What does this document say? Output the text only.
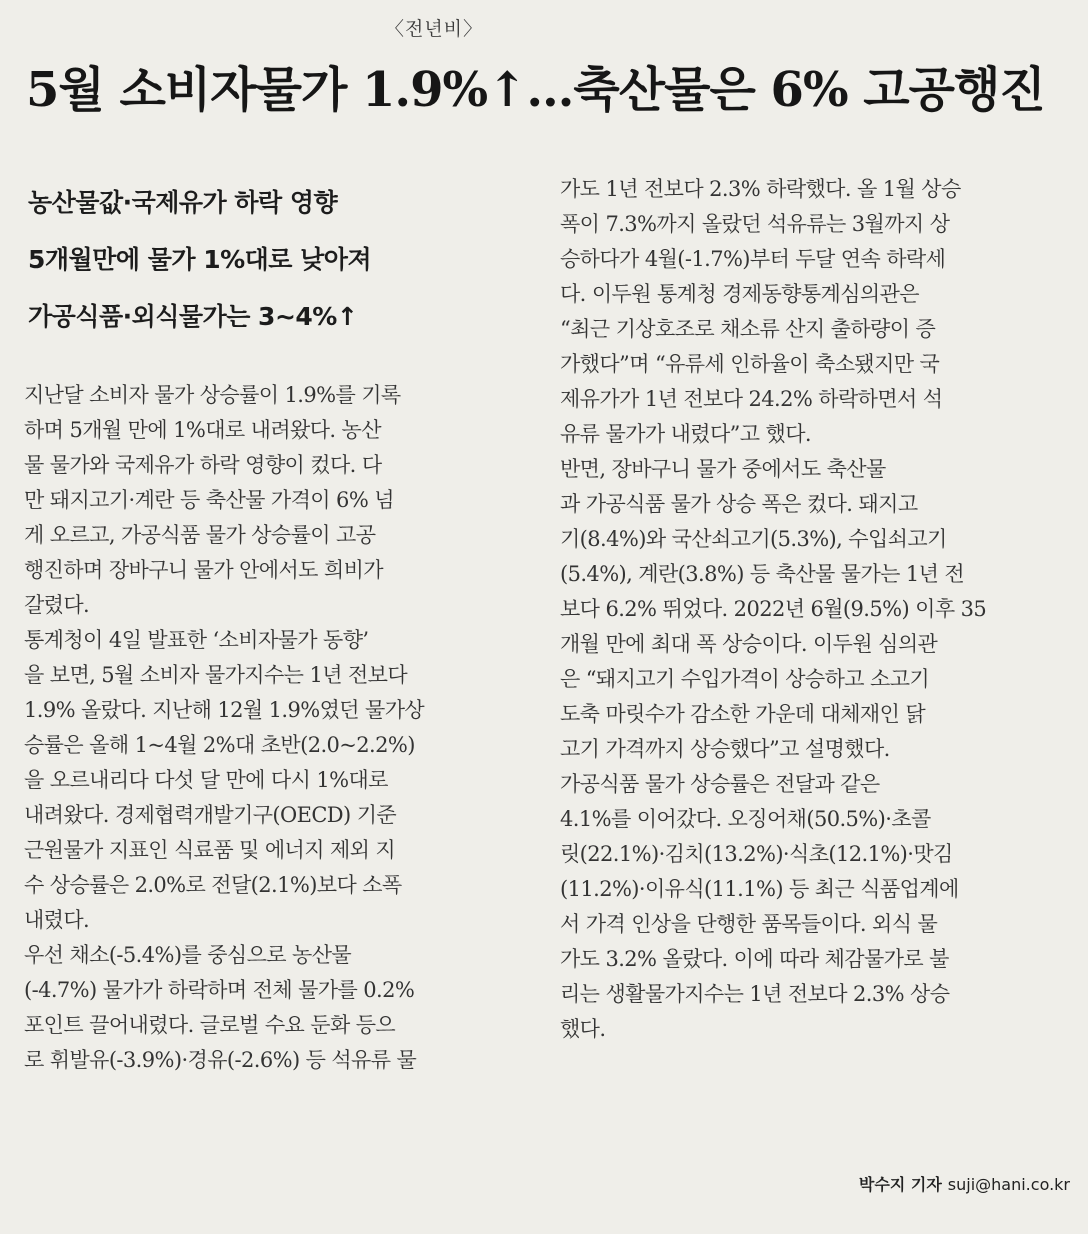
〈전년비〉
5월 소비자물가 1.9%↑…축산물은 6% 고공행진
농산물값·국제유가 하락 영향
5개월만에 물가 1%대로 낮아져
가공식품·외식물가는 3~4%↑
지난달 소비자 물가 상승률이 1.9%를 기록
하며 5개월 만에 1%대로 내려왔다. 농산
물 물가와 국제유가 하락 영향이 컸다. 다
만 돼지고기·계란 등 축산물 가격이 6% 넘
게 오르고, 가공식품 물가 상승률이 고공
행진하며 장바구니 물가 안에서도 희비가
갈렸다.
통계청이 4일 발표한 ‘소비자물가 동향’
을 보면, 5월 소비자 물가지수는 1년 전보다
1.9% 올랐다. 지난해 12월 1.9%였던 물가상
승률은 올해 1~4월 2%대 초반(2.0~2.2%)
을 오르내리다 다섯 달 만에 다시 1%대로
내려왔다. 경제협력개발기구(OECD) 기준
근원물가 지표인 식료품 및 에너지 제외 지
수 상승률은 2.0%로 전달(2.1%)보다 소폭
내렸다.
우선 채소(-5.4%)를 중심으로 농산물
(-4.7%) 물가가 하락하며 전체 물가를 0.2%
포인트 끌어내렸다. 글로벌 수요 둔화 등으
로 휘발유(-3.9%)·경유(-2.6%) 등 석유류 물
가도 1년 전보다 2.3% 하락했다. 올 1월 상승
폭이 7.3%까지 올랐던 석유류는 3월까지 상
승하다가 4월(-1.7%)부터 두달 연속 하락세
다. 이두원 통계청 경제동향통계심의관은
“최근 기상호조로 채소류 산지 출하량이 증
가했다”며 “유류세 인하율이 축소됐지만 국
제유가가 1년 전보다 24.2% 하락하면서 석
유류 물가가 내렸다”고 했다.
반면, 장바구니 물가 중에서도 축산물
과 가공식품 물가 상승 폭은 컸다. 돼지고
기(8.4%)와 국산쇠고기(5.3%), 수입쇠고기
(5.4%), 계란(3.8%) 등 축산물 물가는 1년 전
보다 6.2% 뛰었다. 2022년 6월(9.5%) 이후 35
개월 만에 최대 폭 상승이다. 이두원 심의관
은 “돼지고기 수입가격이 상승하고 소고기
도축 마릿수가 감소한 가운데 대체재인 닭
고기 가격까지 상승했다”고 설명했다.
가공식품 물가 상승률은 전달과 같은
4.1%를 이어갔다. 오징어채(50.5%)·초콜
릿(22.1%)·김치(13.2%)·식초(12.1%)·맛김
(11.2%)·이유식(11.1%) 등 최근 식품업계에
서 가격 인상을 단행한 품목들이다. 외식 물
가도 3.2% 올랐다. 이에 따라 체감물가로 불
리는 생활물가지수는 1년 전보다 2.3% 상승
했다.
박수지 기자 suji@hani.co.kr
